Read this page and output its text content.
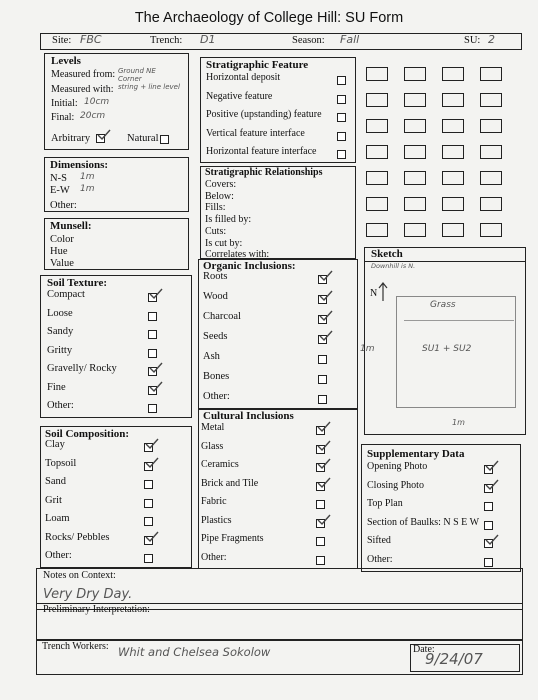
The Archaeology of College Hill: SU Form
Site: FBC	Trench: D1	Season: Fall	SU: 2
Levels
Measured from: Ground NE Corner
Measured with: string + line level
Initial: 10cm
Final: 20cm
Arbitrary	Natural
Dimensions:
N-S 1m
E-W 1m
Other:
Munsell:
Color
Hue
Value
Soil Texture:
Soil Composition:
Stratigraphic Feature
Stratigraphic Relationships
Organic Inclusions:
Cultural Inclusions
Sketch
Downhill is N.
N
Grass
SU1 + SU2
1m
1m
Supplementary Data
Notes on Context:
Very Dry Day.
Preliminary Interpretation:
Trench Workers: Whit and Chelsea Sokolow	Date:
9/24/07
Compact
Loose
Sandy
Gritty
Gravelly/ Rocky
Fine
Other:
Clay
Topsoil
Sand
Grit
Loam
Rocks/ Pebbles
Other:
Horizontal deposit
Negative feature
Positive (upstanding) feature
Vertical feature interface
Horizontal feature interface
Roots
Wood
Charcoal
Seeds
Ash
Bones
Other:
Metal
Glass
Ceramics
Brick and Tile
Fabric
Plastics
Pipe Fragments
Other:
Opening Photo
Closing Photo
Top Plan
Section of Baulks: N S E W
Sifted
Other:
Covers:
Below:
Fills:
Is filled by:
Cuts:
Is cut by:
Correlates with:
